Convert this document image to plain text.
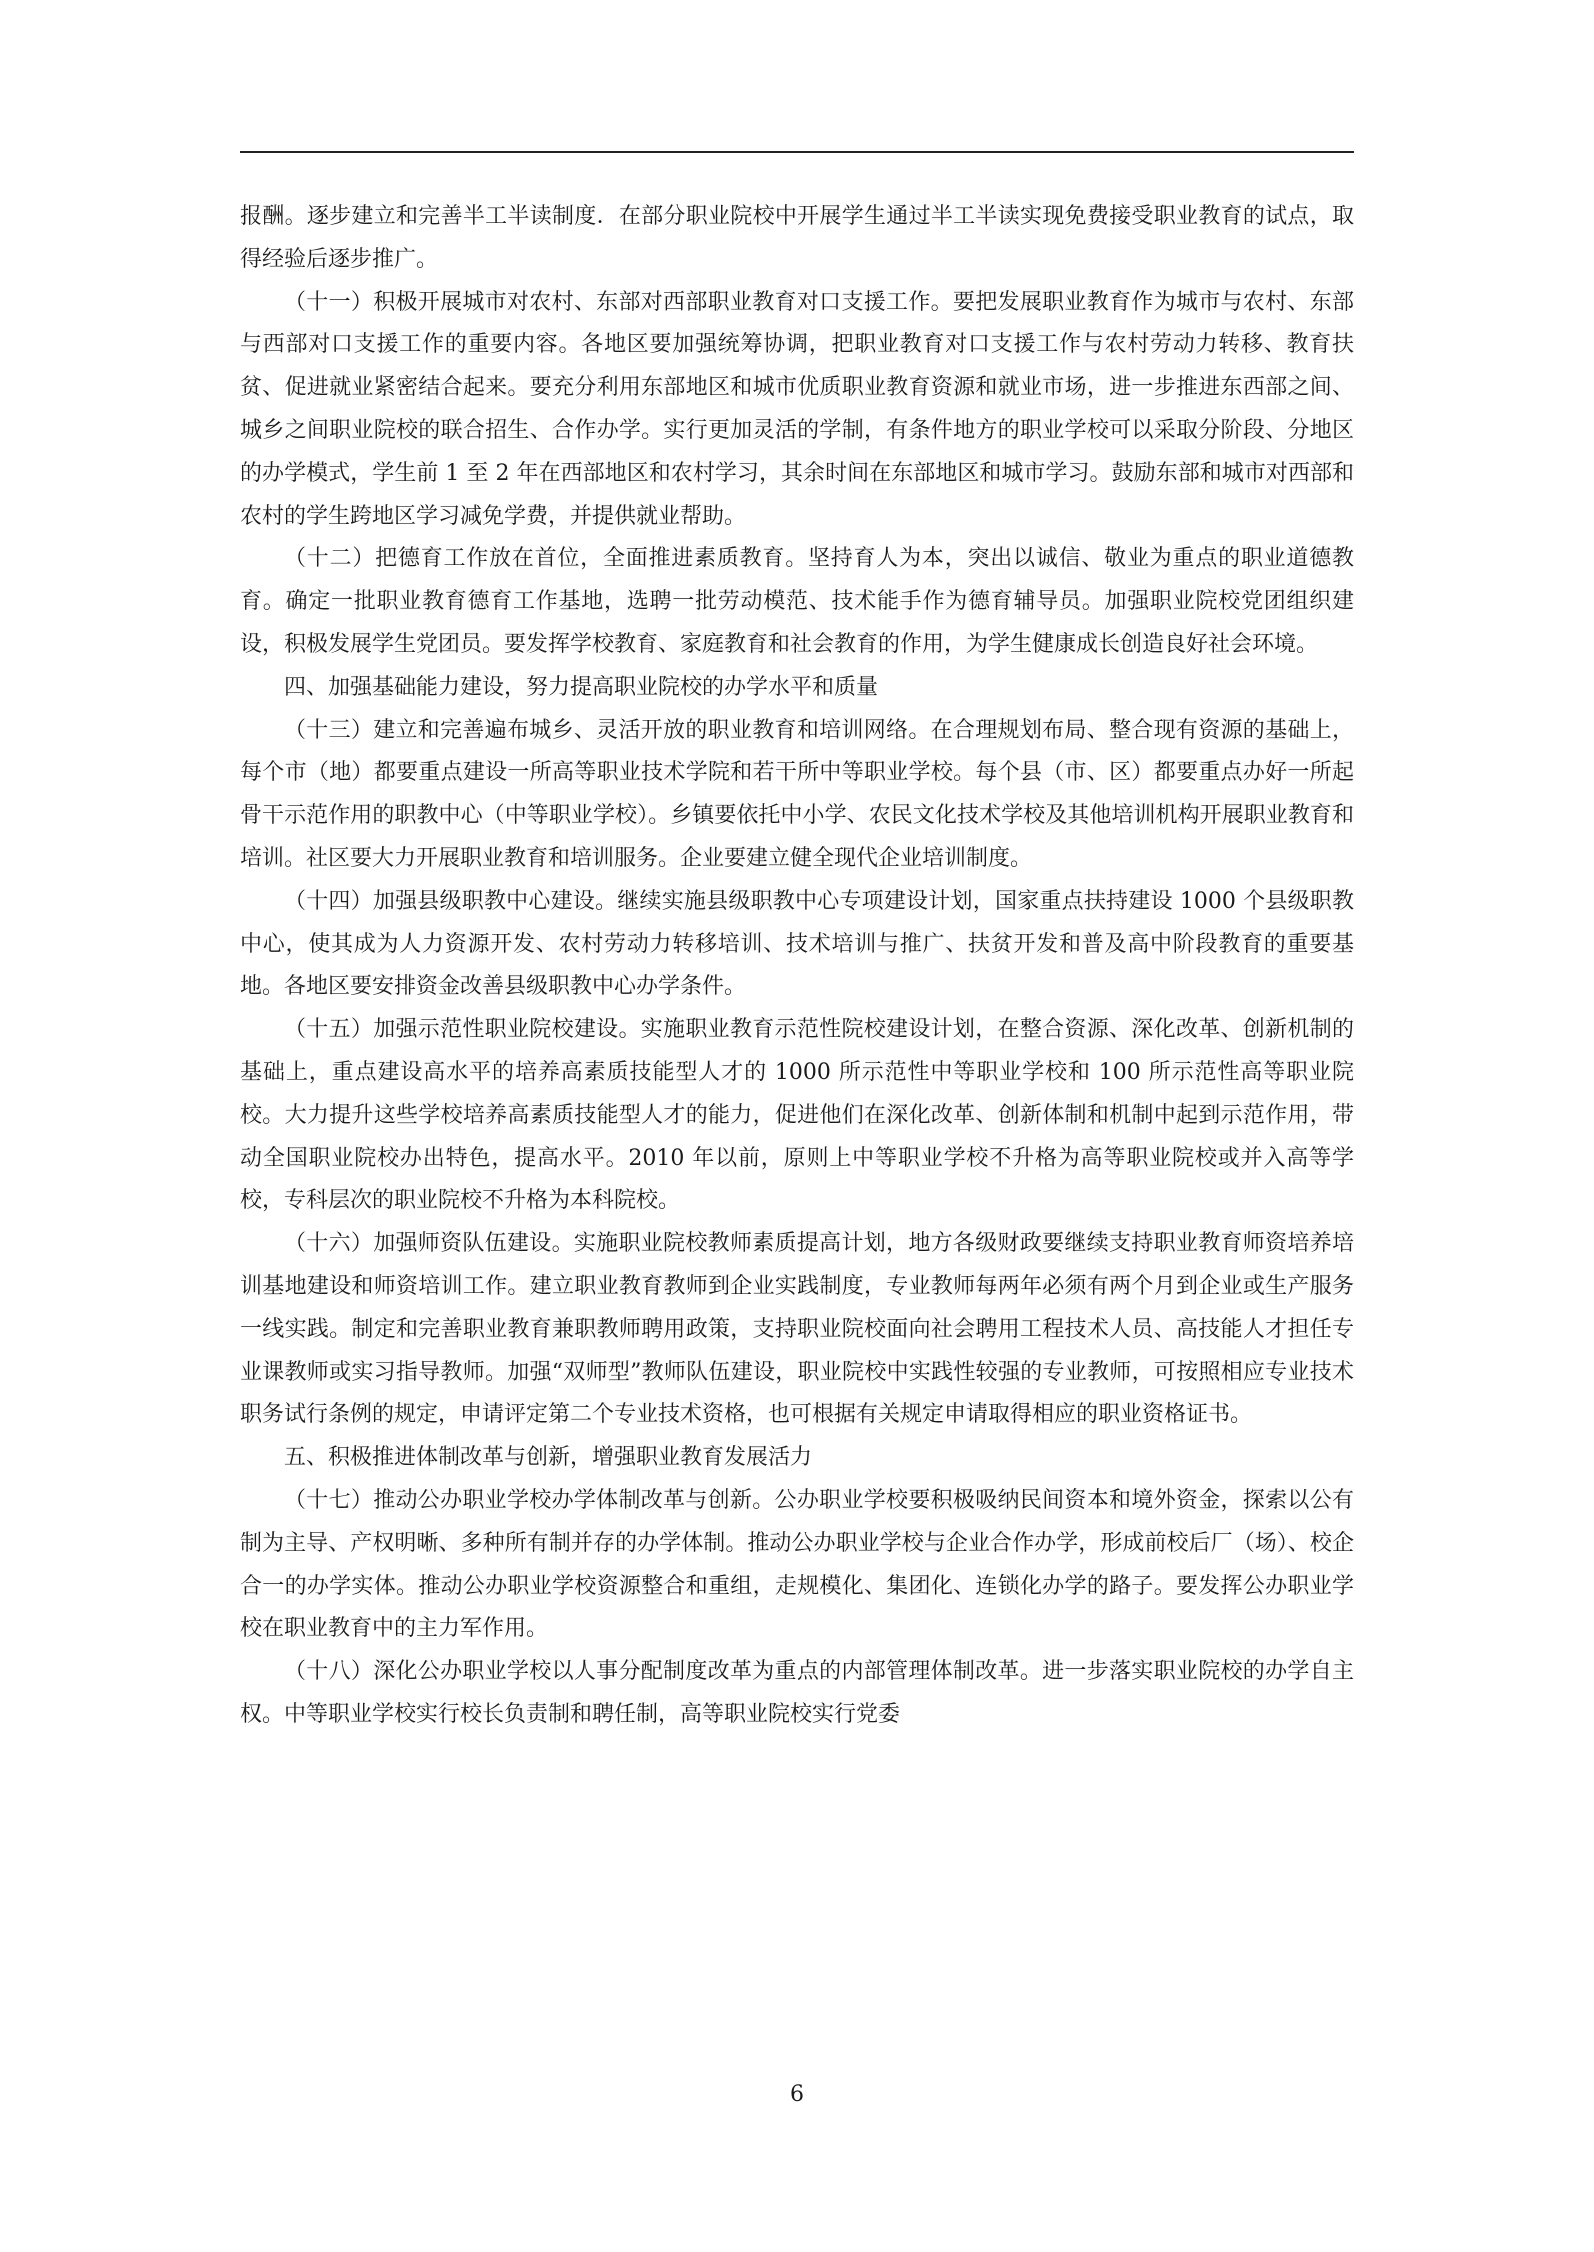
报酬。逐步建立和完善半工半读制度．在部分职业院校中开展学生通过半工半读实现免费接受职业教育的试点，取得经验后逐步推广。

（十一）积极开展城市对农村、东部对西部职业教育对口支援工作。要把发展职业教育作为城市与农村、东部与西部对口支援工作的重要内容。各地区要加强统筹协调，把职业教育对口支援工作与农村劳动力转移、教育扶贫、促进就业紧密结合起来。要充分利用东部地区和城市优质职业教育资源和就业市场，进一步推进东西部之间、城乡之间职业院校的联合招生、合作办学。实行更加灵活的学制，有条件地方的职业学校可以采取分阶段、分地区的办学模式，学生前 1 至 2 年在西部地区和农村学习，其余时间在东部地区和城市学习。鼓励东部和城市对西部和农村的学生跨地区学习减免学费，并提供就业帮助。

（十二）把德育工作放在首位，全面推进素质教育。坚持育人为本，突出以诚信、敬业为重点的职业道德教育。确定一批职业教育德育工作基地，选聘一批劳动模范、技术能手作为德育辅导员。加强职业院校党团组织建设，积极发展学生党团员。要发挥学校教育、家庭教育和社会教育的作用，为学生健康成长创造良好社会环境。

四、加强基础能力建设，努力提高职业院校的办学水平和质量

（十三）建立和完善遍布城乡、灵活开放的职业教育和培训网络。在合理规划布局、整合现有资源的基础上，每个市（地）都要重点建设一所高等职业技术学院和若干所中等职业学校。每个县（市、区）都要重点办好一所起骨干示范作用的职教中心（中等职业学校）。乡镇要依托中小学、农民文化技术学校及其他培训机构开展职业教育和培训。社区要大力开展职业教育和培训服务。企业要建立健全现代企业培训制度。

（十四）加强县级职教中心建设。继续实施县级职教中心专项建设计划，国家重点扶持建设 1000 个县级职教中心，使其成为人力资源开发、农村劳动力转移培训、技术培训与推广、扶贫开发和普及高中阶段教育的重要基地。各地区要安排资金改善县级职教中心办学条件。

（十五）加强示范性职业院校建设。实施职业教育示范性院校建设计划，在整合资源、深化改革、创新机制的基础上，重点建设高水平的培养高素质技能型人才的 1000 所示范性中等职业学校和 100 所示范性高等职业院校。大力提升这些学校培养高素质技能型人才的能力，促进他们在深化改革、创新体制和机制中起到示范作用，带动全国职业院校办出特色，提高水平。2010 年以前，原则上中等职业学校不升格为高等职业院校或并入高等学校，专科层次的职业院校不升格为本科院校。

（十六）加强师资队伍建设。实施职业院校教师素质提高计划，地方各级财政要继续支持职业教育师资培养培训基地建设和师资培训工作。建立职业教育教师到企业实践制度，专业教师每两年必须有两个月到企业或生产服务一线实践。制定和完善职业教育兼职教师聘用政策，支持职业院校面向社会聘用工程技术人员、高技能人才担任专业课教师或实习指导教师。加强“双师型”教师队伍建设，职业院校中实践性较强的专业教师，可按照相应专业技术职务试行条例的规定，申请评定第二个专业技术资格，也可根据有关规定申请取得相应的职业资格证书。

五、积极推进体制改革与创新，增强职业教育发展活力

（十七）推动公办职业学校办学体制改革与创新。公办职业学校要积极吸纳民间资本和境外资金，探索以公有制为主导、产权明晰、多种所有制并存的办学体制。推动公办职业学校与企业合作办学，形成前校后厂（场）、校企合一的办学实体。推动公办职业学校资源整合和重组，走规模化、集团化、连锁化办学的路子。要发挥公办职业学校在职业教育中的主力军作用。

（十八）深化公办职业学校以人事分配制度改革为重点的内部管理体制改革。进一步落实职业院校的办学自主权。中等职业学校实行校长负责制和聘任制，高等职业院校实行党委

6
